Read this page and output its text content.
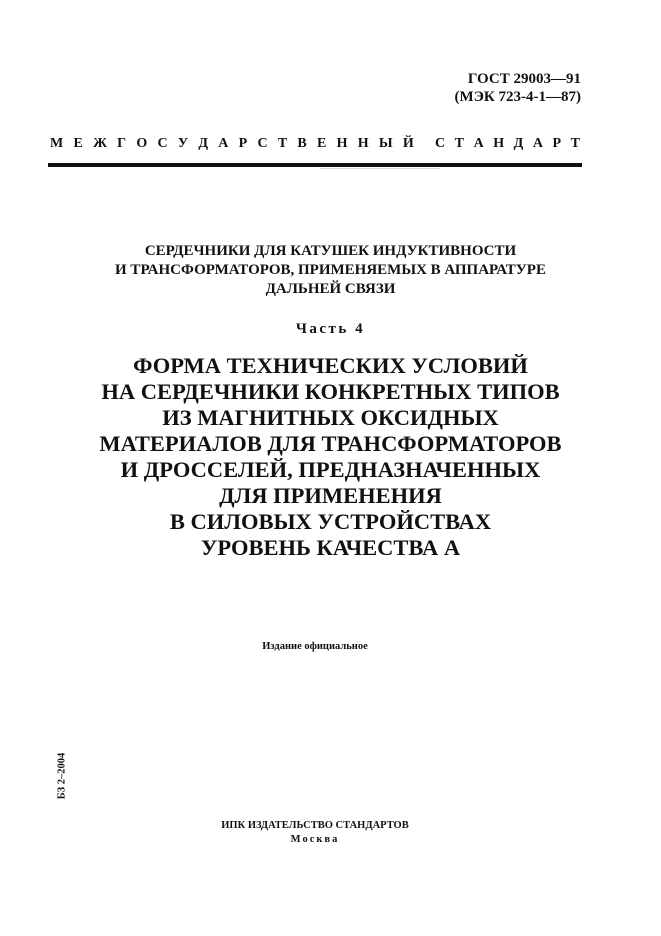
ГОСТ 29003—91
(МЭК 723-4-1—87)
М Е Ж Г О С У Д А Р С Т В Е Н Н Ы Й С Т А Н Д А Р Т
СЕРДЕЧНИКИ ДЛЯ КАТУШЕК ИНДУКТИВНОСТИ
И ТРАНСФОРМАТОРОВ, ПРИМЕНЯЕМЫХ В АППАРАТУРЕ
ДАЛЬНЕЙ СВЯЗИ
Часть 4
ФОРМА ТЕХНИЧЕСКИХ УСЛОВИЙ
НА СЕРДЕЧНИКИ КОНКРЕТНЫХ ТИПОВ
ИЗ МАГНИТНЫХ ОКСИДНЫХ
МАТЕРИАЛОВ ДЛЯ ТРАНСФОРМАТОРОВ
И ДРОССЕЛЕЙ, ПРЕДНАЗНАЧЕННЫХ
ДЛЯ ПРИМЕНЕНИЯ
В СИЛОВЫХ УСТРОЙСТВАХ
УРОВЕНЬ КАЧЕСТВА А
Издание официальное
БЗ 2–2004
ИПК ИЗДАТЕЛЬСТВО СТАНДАРТОВ
Москва
